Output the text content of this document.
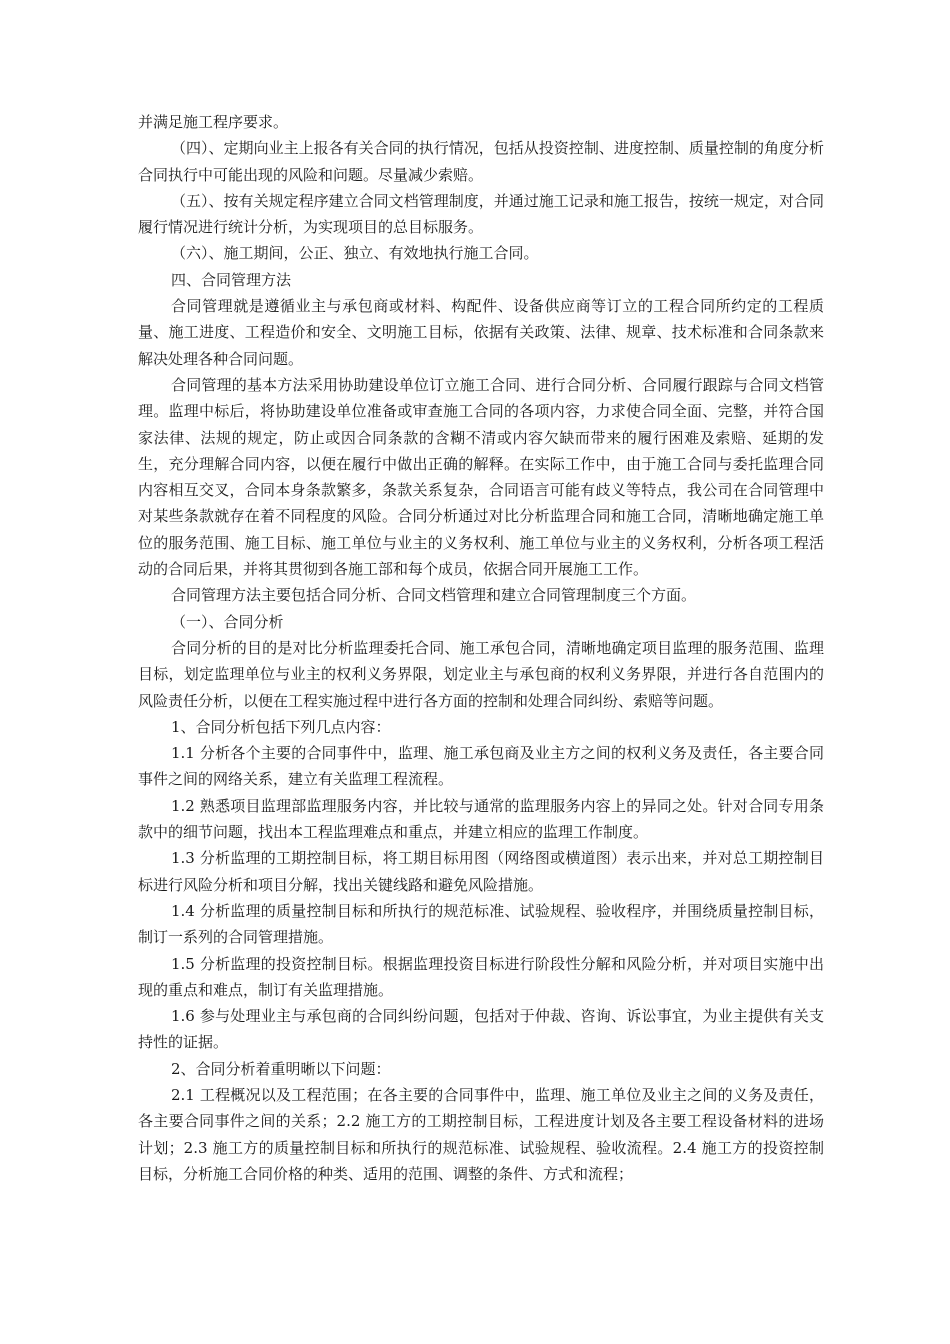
并满足施工程序要求。

（四）、定期向业主上报各有关合同的执行情况，包括从投资控制、进度控制、质量控制的角度分析合同执行中可能出现的风险和问题。尽量减少索赔。

（五）、按有关规定程序建立合同文档管理制度，并通过施工记录和施工报告，按统一规定，对合同履行情况进行统计分析，为实现项目的总目标服务。

（六）、施工期间，公正、独立、有效地执行施工合同。

四、合同管理方法

合同管理就是遵循业主与承包商或材料、构配件、设备供应商等订立的工程合同所约定的工程质量、施工进度、工程造价和安全、文明施工目标，依据有关政策、法律、规章、技术标准和合同条款来解决处理各种合同问题。

合同管理的基本方法采用协助建设单位订立施工合同、进行合同分析、合同履行跟踪与合同文档管理。监理中标后，将协助建设单位准备或审查施工合同的各项内容，力求使合同全面、完整，并符合国家法律、法规的规定，防止或因合同条款的含糊不清或内容欠缺而带来的履行困难及索赔、延期的发生，充分理解合同内容，以便在履行中做出正确的解释。在实际工作中，由于施工合同与委托监理合同内容相互交叉，合同本身条款繁多，条款关系复杂，合同语言可能有歧义等特点，我公司在合同管理中对某些条款就存在着不同程度的风险。合同分析通过对比分析监理合同和施工合同，清晰地确定施工单位的服务范围、施工目标、施工单位与业主的义务权利、施工单位与业主的义务权利，分析各项工程活动的合同后果，并将其贯彻到各施工部和每个成员，依据合同开展施工工作。

合同管理方法主要包括合同分析、合同文档管理和建立合同管理制度三个方面。

（一）、合同分析

合同分析的目的是对比分析监理委托合同、施工承包合同，清晰地确定项目监理的服务范围、监理目标，划定监理单位与业主的权利义务界限，划定业主与承包商的权利义务界限，并进行各自范围内的风险责任分析，以便在工程实施过程中进行各方面的控制和处理合同纠纷、索赔等问题。

1、合同分析包括下列几点内容：

1.1 分析各个主要的合同事件中，监理、施工承包商及业主方之间的权利义务及责任，各主要合同事件之间的网络关系，建立有关监理工程流程。

1.2 熟悉项目监理部监理服务内容，并比较与通常的监理服务内容上的异同之处。针对合同专用条款中的细节问题，找出本工程监理难点和重点，并建立相应的监理工作制度。

1.3 分析监理的工期控制目标，将工期目标用图（网络图或横道图）表示出来，并对总工期控制目标进行风险分析和项目分解，找出关键线路和避免风险措施。

1.4 分析监理的质量控制目标和所执行的规范标准、试验规程、验收程序，并围绕质量控制目标，制订一系列的合同管理措施。

1.5 分析监理的投资控制目标。根据监理投资目标进行阶段性分解和风险分析，并对项目实施中出现的重点和难点，制订有关监理措施。

1.6 参与处理业主与承包商的合同纠纷问题，包括对于仲裁、咨询、诉讼事宜，为业主提供有关支持性的证据。

2、合同分析着重明晰以下问题：

2.1 工程概况以及工程范围；在各主要的合同事件中，监理、施工单位及业主之间的义务及责任，各主要合同事件之间的关系；2.2 施工方的工期控制目标，工程进度计划及各主要工程设备材料的进场计划；2.3 施工方的质量控制目标和所执行的规范标准、试验规程、验收流程。2.4 施工方的投资控制目标，分析施工合同价格的种类、适用的范围、调整的条件、方式和流程；
